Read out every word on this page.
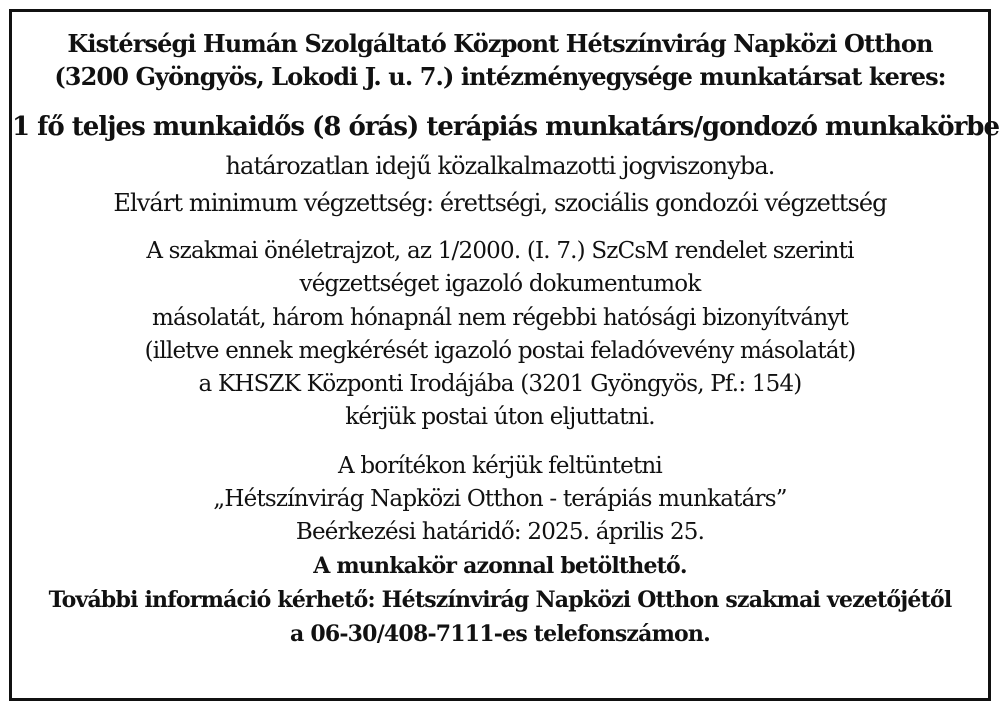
Kistérségi Humán Szolgáltató Központ Hétszínvirág Napközi Otthon
(3200 Gyöngyös, Lokodi J. u. 7.) intézményegysége munkatársat keres:
1 fő teljes munkaidős (8 órás) terápiás munkatárs/gondozó munkakörbe
határozatlan idejű közalkalmazotti jogviszonyba.
Elvárt minimum végzettség: érettségi, szociális gondozói végzettség
A szakmai önéletrajzot, az 1/2000. (I. 7.) SzCsM rendelet szerinti
végzettséget igazoló dokumentumok
másolatát, három hónapnál nem régebbi hatósági bizonyítványt
(illetve ennek megkérését igazoló postai feladóvevény másolatát)
a KHSZK Központi Irodájába (3201 Gyöngyös, Pf.: 154)
kérjük postai úton eljuttatni.
A borítékon kérjük feltüntetni
„Hétszínvirág Napközi Otthon - terápiás munkatárs”
Beérkezési határidő: 2025. április 25.
A munkakör azonnal betölthető.
További információ kérhető: Hétszínvirág Napközi Otthon szakmai vezetőjétől
a 06-30/408-7111-es telefonszámon.
